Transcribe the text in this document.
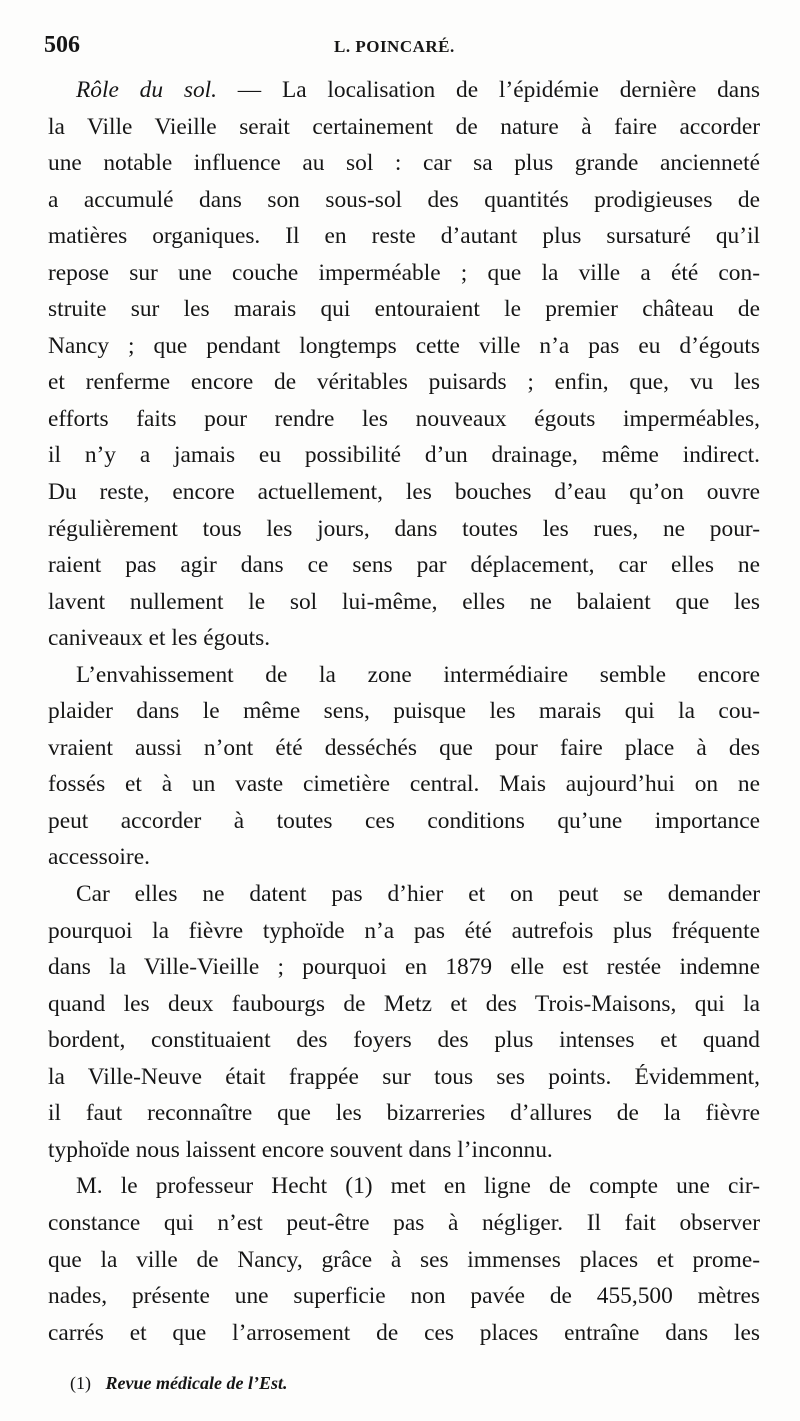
506	L. POINCARÉ.

Rôle du sol. — La localisation de l’épidémie dernière dans
la Ville Vieille serait certainement de nature à faire accorder
une notable influence au sol : car sa plus grande ancienneté
a accumulé dans son sous-sol des quantités prodigieuses de
matières organiques. Il en reste d’autant plus sursaturé qu’il
repose sur une couche imperméable ; que la ville a été con-
struite sur les marais qui entouraient le premier château de
Nancy ; que pendant longtemps cette ville n’a pas eu d’égouts
et renferme encore de véritables puisards ; enfin, que, vu les
efforts faits pour rendre les nouveaux égouts imperméables,
il n’y a jamais eu possibilité d’un drainage, même indirect.
Du reste, encore actuellement, les bouches d’eau qu’on ouvre
régulièrement tous les jours, dans toutes les rues, ne pour-
raient pas agir dans ce sens par déplacement, car elles ne
lavent nullement le sol lui-même, elles ne balaient que les
caniveaux et les égouts.

L’envahissement de la zone intermédiaire semble encore
plaider dans le même sens, puisque les marais qui la cou-
vraient aussi n’ont été desséchés que pour faire place à des
fossés et à un vaste cimetière central. Mais aujourd’hui on ne
peut accorder à toutes ces conditions qu’une importance
accessoire.

Car elles ne datent pas d’hier et on peut se demander
pourquoi la fièvre typhoïde n’a pas été autrefois plus fréquente
dans la Ville-Vieille ; pourquoi en 1879 elle est restée indemne
quand les deux faubourgs de Metz et des Trois-Maisons, qui la
bordent, constituaient des foyers des plus intenses et quand
la Ville-Neuve était frappée sur tous ses points. Évidemment,
il faut reconnaître que les bizarreries d’allures de la fièvre
typhoïde nous laissent encore souvent dans l’inconnu.

M. le professeur Hecht (1) met en ligne de compte une cir-
constance qui n’est peut-être pas à négliger. Il fait observer
que la ville de Nancy, grâce à ses immenses places et prome-
nades, présente une superficie non pavée de 455,500 mètres
carrés et que l’arrosement de ces places entraîne dans les

(1) Revue médicale de l’Est.
